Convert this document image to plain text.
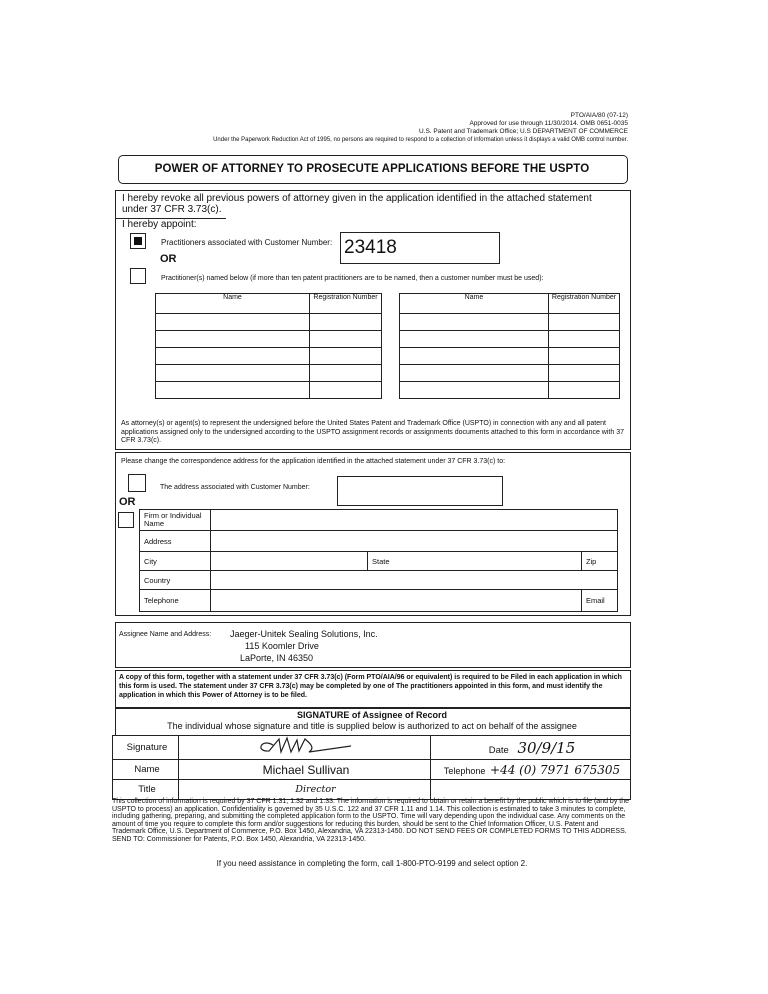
PTO/AIA/80 (07-12)
Approved for use through 11/30/2014. OMB 0651-0035
U.S. Patent and Trademark Office; U.S DEPARTMENT OF COMMERCE
Under the Paperwork Reduction Act of 1995, no persons are required to respond to a collection of information unless it displays a valid OMB control number.
POWER OF ATTORNEY TO PROSECUTE APPLICATIONS BEFORE THE USPTO
I hereby revoke all previous powers of attorney given in the application identified in the attached statement under 37 CFR 3.73(c).
I hereby appoint:
Practitioners associated with Customer Number: 23418
OR
Practitioner(s) named below (if more than ten patent practitioners are to be named, then a customer number must be used):
Name	Registration Number

		Name	Registration Number

As attorney(s) or agent(s) to represent the undersigned before the United States Patent and Trademark Office (USPTO) in connection with any and all patent applications assigned only to the undersigned according to the USPTO assignment records or assignments documents attached to this form in accordance with 37 CFR 3.73(c).
Please change the correspondence address for the application identified in the attached statement under 37 CFR 3.73(c) to:
The address associated with Customer Number:
OR
Firm or Individual Name			
Address			
City		State	Zip
Country			
Telephone			Email
Assignee Name and Address: Jaeger-Unitek Sealing Solutions, Inc.
115 Koomler Drive
LaPorte, IN 46350
A copy of this form, together with a statement under 37 CFR 3.73(c) (Form PTO/AIA/96 or equivalent) is required to be Filed in each application in which this form is used. The statement under 37 CFR 3.73(c) may be completed by one of The practitioners appointed in this form, and must identify the application in which this Power of Attorney is to be filed.
SIGNATURE of Assignee of Record
The individual whose signature and title is supplied below is authorized to act on behalf of the assignee
Signature		Date 30/9/15
Name	Michael Sullivan	Telephone +44 (0) 7971 675305
Title	Director	
This collection of information is required by 37 CFR 1.31, 1.32 and 1.33. The information is required to obtain or retain a benefit by the public which is to file (and by the USPTO to process) an application. Confidentiality is governed by 35 U.S.C. 122 and 37 CFR 1.11 and 1.14. This collection is estimated to take 3 minutes to complete, including gathering, preparing, and submitting the completed application form to the USPTO. Time will vary depending upon the individual case. Any comments on the amount of time you require to complete this form and/or suggestions for reducing this burden, should be sent to the Chief Information Officer, U.S. Patent and Trademark Office, U.S. Department of Commerce, P.O. Box 1450, Alexandria, VA 22313-1450. DO NOT SEND FEES OR COMPLETED FORMS TO THIS ADDRESS. SEND TO: Commissioner for Patents, P.O. Box 1450, Alexandria, VA 22313-1450.
If you need assistance in completing the form, call 1-800-PTO-9199 and select option 2.
